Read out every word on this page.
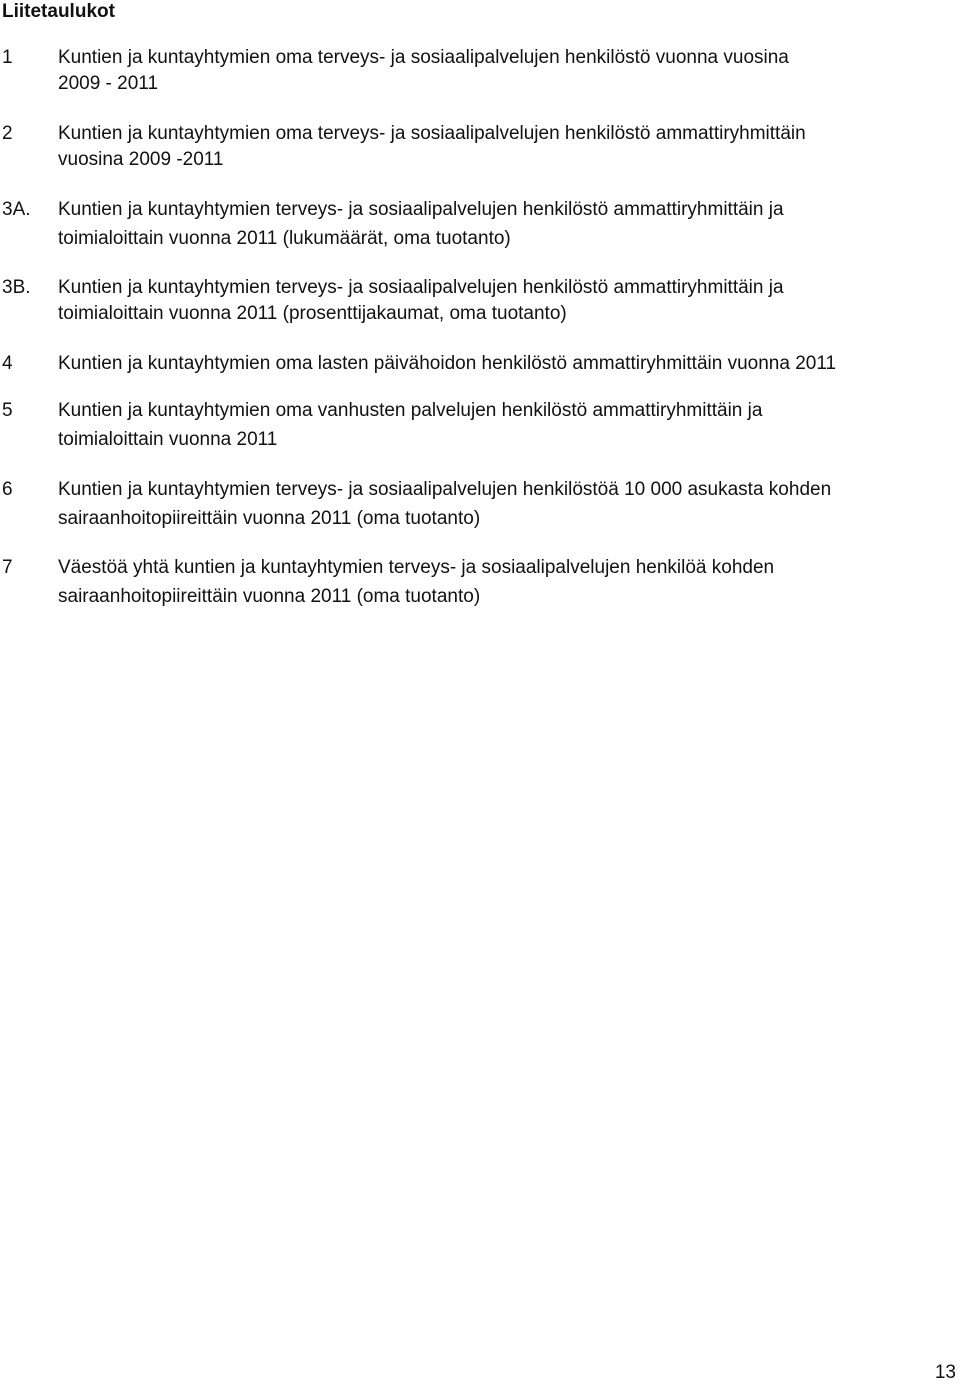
Liitetaulukot
1 Kuntien ja kuntayhtymien oma terveys- ja sosiaalipalvelujen henkilöstö vuonna vuosina
2009 - 2011
2 Kuntien ja kuntayhtymien oma terveys- ja sosiaalipalvelujen henkilöstö ammattiryhmittäin
vuosina 2009 -2011
3A. Kuntien ja kuntayhtymien terveys- ja sosiaalipalvelujen henkilöstö ammattiryhmittäin ja
toimialoittain vuonna 2011 (lukumäärät, oma tuotanto)
3B. Kuntien ja kuntayhtymien terveys- ja sosiaalipalvelujen henkilöstö ammattiryhmittäin ja
toimialoittain vuonna 2011 (prosenttijakaumat, oma tuotanto)
4 Kuntien ja kuntayhtymien oma lasten päivähoidon henkilöstö ammattiryhmittäin vuonna 2011
5 Kuntien ja kuntayhtymien oma vanhusten palvelujen henkilöstö ammattiryhmittäin ja
toimialoittain vuonna 2011
6 Kuntien ja kuntayhtymien terveys- ja sosiaalipalvelujen henkilöstöä 10 000 asukasta kohden
sairaanhoitopiireittäin vuonna 2011 (oma tuotanto)
7 Väestöä yhtä kuntien ja kuntayhtymien terveys- ja sosiaalipalvelujen henkilöä kohden
sairaanhoitopiireittäin vuonna 2011 (oma tuotanto)
13
